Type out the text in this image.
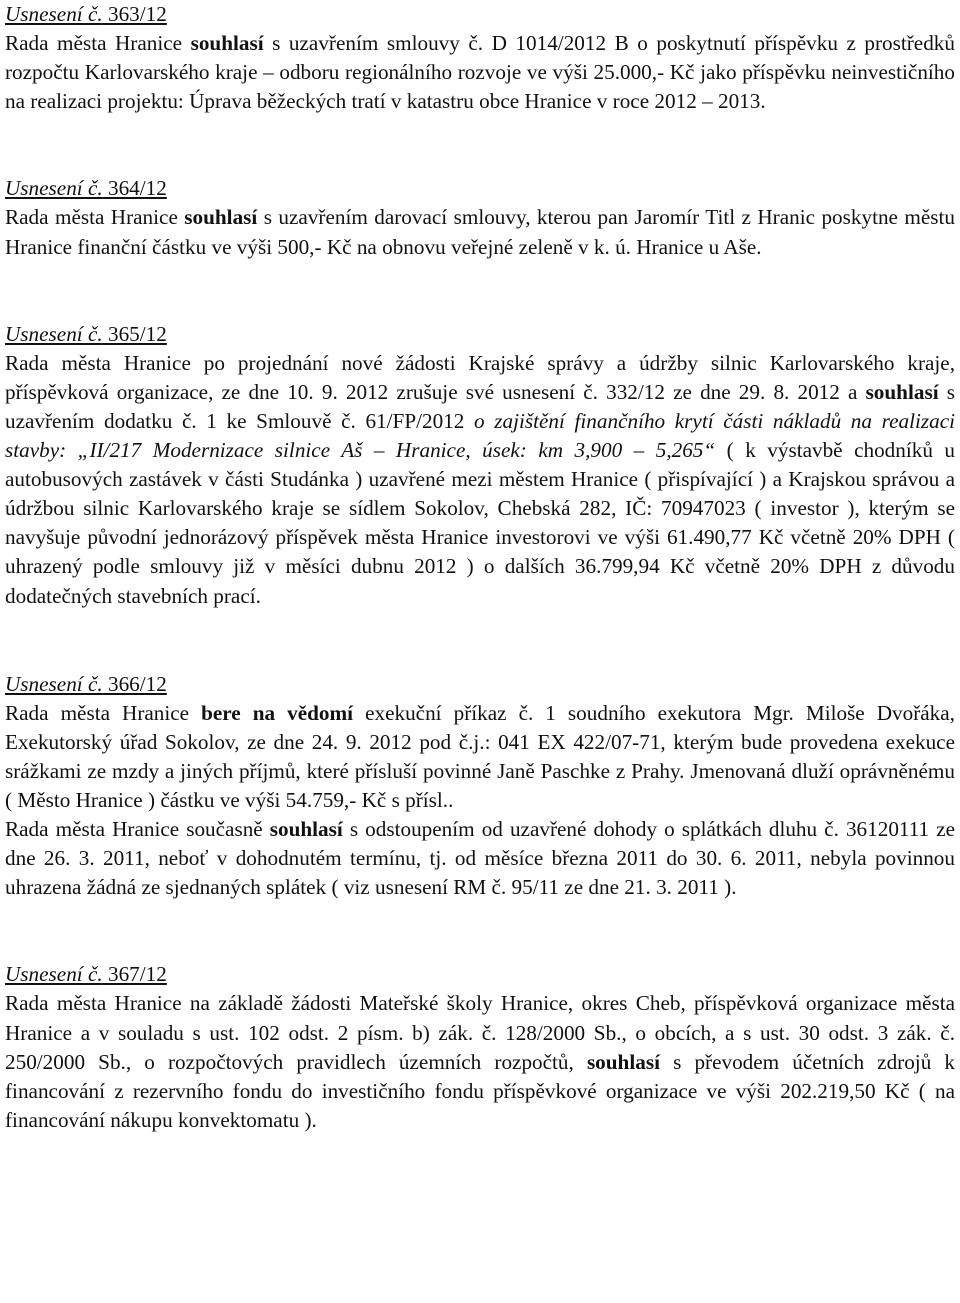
Usnesení č. 363/12

Rada města Hranice souhlasí s uzavřením smlouvy č. D 1014/2012 B o poskytnutí příspěvku z prostředků rozpočtu Karlovarského kraje – odboru regionálního rozvoje ve výši 25.000,- Kč jako příspěvku neinvestičního na realizaci projektu: Úprava běžeckých tratí v katastru obce Hranice v roce 2012 – 2013.

Usnesení č. 364/12

Rada města Hranice souhlasí s uzavřením darovací smlouvy, kterou pan Jaromír Titl z Hranic poskytne městu Hranice finanční částku ve výši 500,- Kč na obnovu veřejné zeleně v k. ú. Hranice u Aše.

Usnesení č. 365/12

Rada města Hranice po projednání nové žádosti Krajské správy a údržby silnic Karlovarského kraje, příspěvková organizace, ze dne 10. 9. 2012 zrušuje své usnesení č. 332/12 ze dne 29. 8. 2012 a souhlasí s uzavřením dodatku č. 1 ke Smlouvě č. 61/FP/2012 o zajištění finančního krytí části nákladů na realizaci stavby: „II/217 Modernizace silnice Aš – Hranice, úsek: km 3,900 – 5,265“ ( k výstavbě chodníků u autobusových zastávek v části Studánka ) uzavřené mezi městem Hranice ( přispívající ) a Krajskou správou a údržbou silnic Karlovarského kraje se sídlem Sokolov, Chebská 282, IČ: 70947023 ( investor ), kterým se navyšuje původní jednorázový příspěvek města Hranice investorovi ve výši 61.490,77 Kč včetně 20% DPH ( uhrazený podle smlouvy již v měsíci dubnu 2012 ) o dalších 36.799,94 Kč včetně 20% DPH z důvodu dodatečných stavebních prací.

Usnesení č. 366/12

Rada města Hranice bere na vědomí exekuční příkaz č. 1 soudního exekutora Mgr. Miloše Dvořáka, Exekutorský úřad Sokolov, ze dne 24. 9. 2012 pod č.j.: 041 EX 422/07-71, kterým bude provedena exekuce srážkami ze mzdy a jiných příjmů, které přísluší povinné Janě Paschke z Prahy. Jmenovaná dluží oprávněnému ( Město Hranice ) částku ve výši 54.759,- Kč s přísl..

Rada města Hranice současně souhlasí s odstoupením od uzavřené dohody o splátkách dluhu č. 36120111 ze dne 26. 3. 2011, neboť v dohodnutém termínu, tj. od měsíce března 2011 do 30. 6. 2011, nebyla povinnou uhrazena žádná ze sjednaných splátek ( viz usnesení RM č. 95/11 ze dne 21. 3. 2011 ).

Usnesení č. 367/12

Rada města Hranice na základě žádosti Mateřské školy Hranice, okres Cheb, příspěvková organizace města Hranice a v souladu s ust. 102 odst. 2 písm. b) zák. č. 128/2000 Sb., o obcích, a s ust. 30 odst. 3 zák. č. 250/2000 Sb., o rozpočtových pravidlech územních rozpočtů, souhlasí s převodem účetních zdrojů k financování z rezervního fondu do investičního fondu příspěvkové organizace ve výši 202.219,50 Kč ( na financování nákupu konvektomatu ).
